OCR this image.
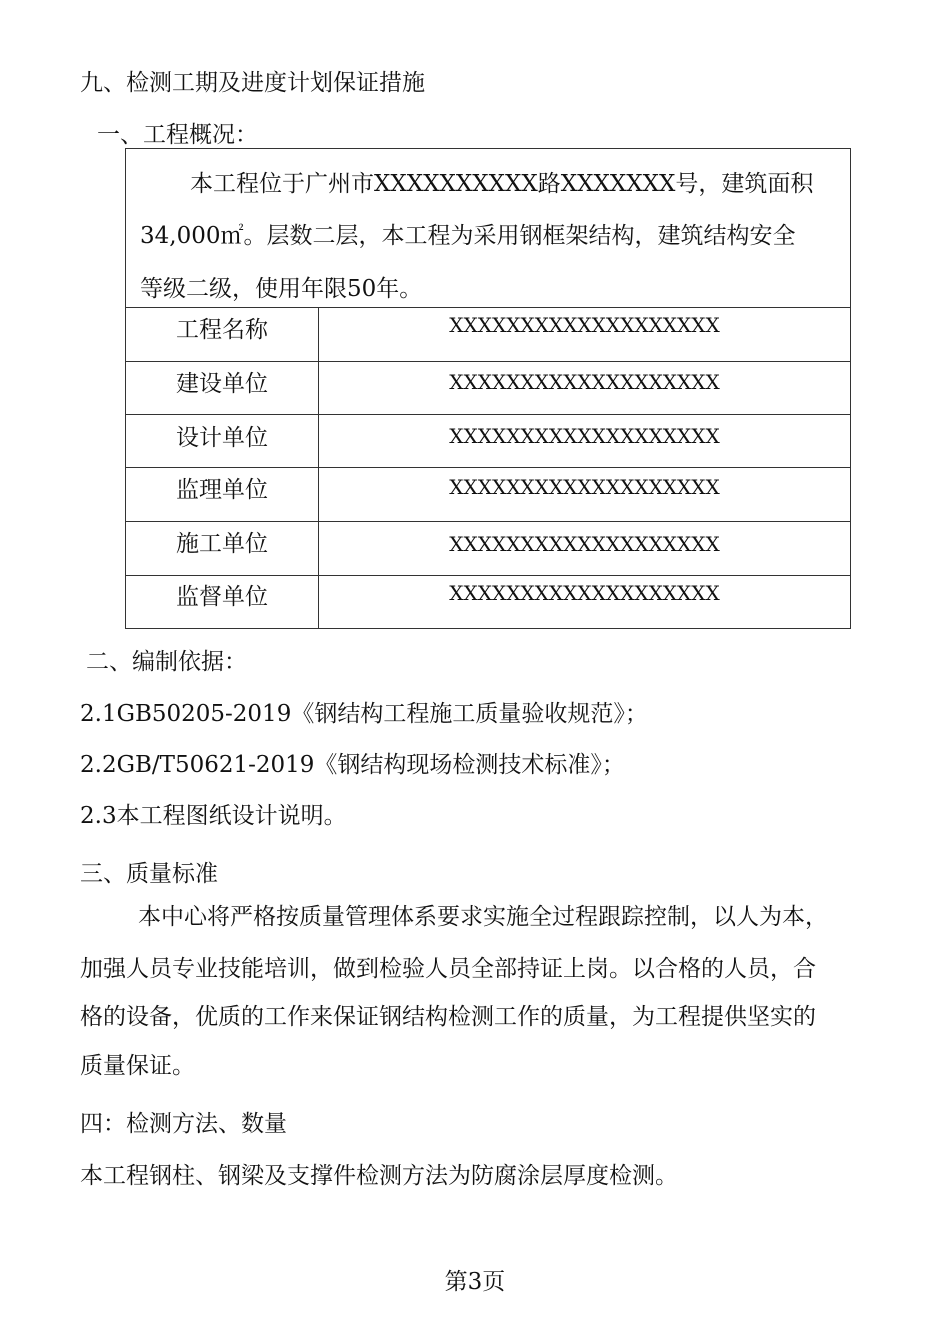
九、检测工期及进度计划保证措施
一、工程概况：
本工程位于广州市XXXXXXXXXX路XXXXXXX号，建筑面积
34,000㎡。层数二层，本工程为采用钢框架结构，建筑结构安全
等级二级，使用年限50年。
工程名称	XXXXXXXXXXXXXXXXXXX
建设单位	XXXXXXXXXXXXXXXXXXX
设计单位	XXXXXXXXXXXXXXXXXXX
监理单位	XXXXXXXXXXXXXXXXXXX
施工单位	XXXXXXXXXXXXXXXXXXX
监督单位	XXXXXXXXXXXXXXXXXXX
二、编制依据：
2.1GB50205-2019《钢结构工程施工质量验收规范》；
2.2GB/T50621-2019《钢结构现场检测技术标准》；
2.3本工程图纸设计说明。
三、质量标准
本中心将严格按质量管理体系要求实施全过程跟踪控制，以人为本，
加强人员专业技能培训，做到检验人员全部持证上岗。以合格的人员，合
格的设备，优质的工作来保证钢结构检测工作的质量，为工程提供坚实的
质量保证。
四：检测方法、数量
本工程钢柱、钢梁及支撑件检测方法为防腐涂层厚度检测。
第3页
